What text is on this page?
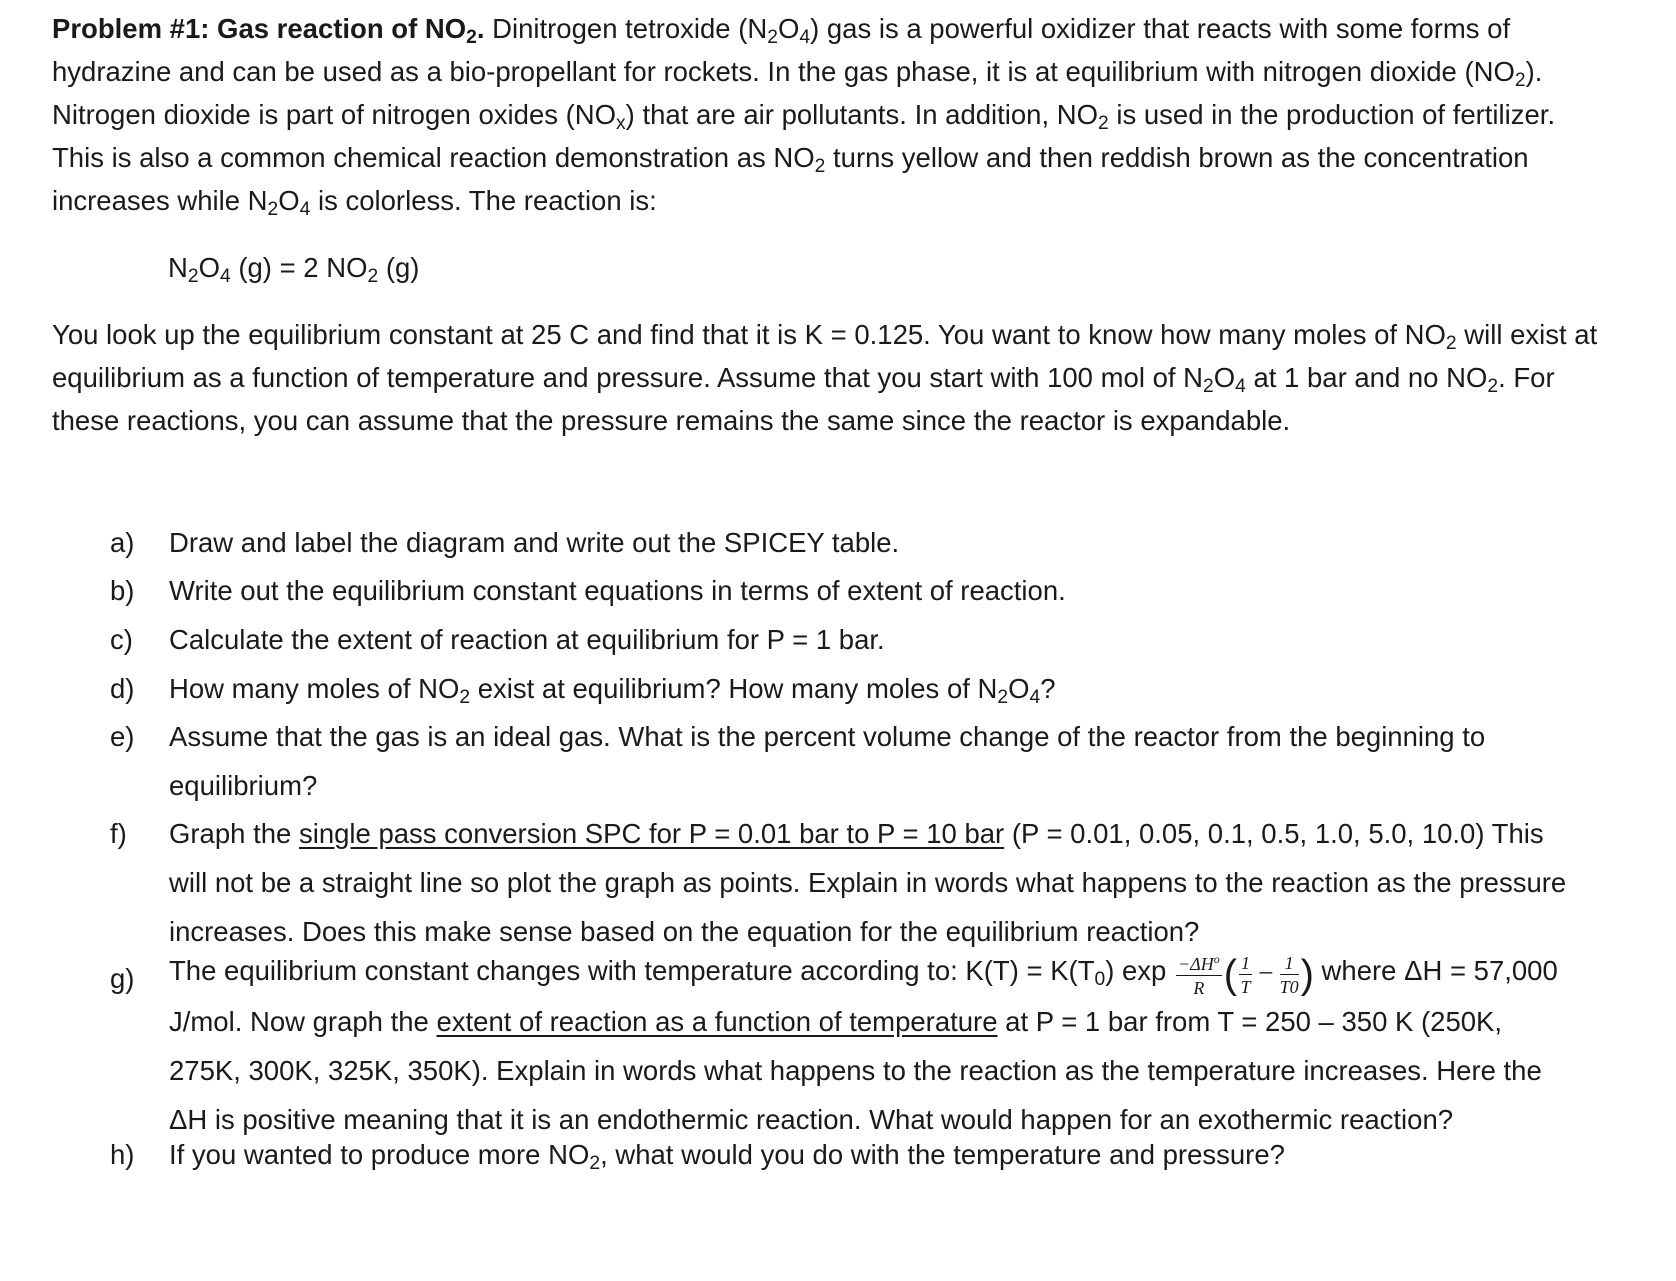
Problem #1: Gas reaction of $NO_2$. Dinitrogen tetroxide $(N_2O_4)$ gas is a powerful oxidizer that reacts with some forms of hydrazine and can be used as a bio-propellant for rockets. In the gas phase, it is at equilibrium with nitrogen dioxide $(NO_2)$. Nitrogen dioxide is part of nitrogen oxides $(NO_x)$ that are air pollutants. In addition, $NO_2$ is used in the production of fertilizer. This is also a common chemical reaction demonstration as $NO_2$ turns yellow and then reddish brown as the concentration increases while $N_2O_4$ is colorless. The reaction is:

$N_2O_4$ (g) = 2 $NO_2$ (g)

You look up the equilibrium constant at 25 C and find that it is K = 0.125. You want to know how many moles of $NO_2$ will exist at equilibrium as a function of temperature and pressure. Assume that you start with 100 mol of $N_2O_4$ at 1 bar and no $NO_2$. For these reactions, you can assume that the pressure remains the same since the reactor is expandable.

a) Draw and label the diagram and write out the SPICEY table.

b) Write out the equilibrium constant equations in terms of extent of reaction.

c) Calculate the extent of reaction at equilibrium for P = 1 bar.

d) How many moles of $NO_2$ exist at equilibrium? How many moles of $N_2O_4$?

e) Assume that the gas is an ideal gas. What is the percent volume change of the reactor from the beginning to equilibrium?

f) Graph the single pass conversion SPC for P = 0.01 bar to P = 10 bar (P = 0.01, 0.05, 0.1, 0.5, 1.0, 5.0, 10.0) This will not be a straight line so plot the graph as points. Explain in words what happens to the reaction as the pressure increases. Does this make sense based on the equation for the equilibrium reaction?

g) The equilibrium constant changes with temperature according to: $K(T) = K(T_0)$ $\exp \frac{-\Delta H^o}{R}$ ( $\frac{1}{T} - \frac{1}{T0}$ ) where ΔH = 57,000 J/mol. Now graph the extent of reaction as a function of temperature at P = 1 bar from T = 250 – 350 K (250K, 275K, 300K, 325K, 350K). Explain in words what happens to the reaction as the temperature increases. Here the ΔH is positive meaning that it is an endothermic reaction. What would happen for an exothermic reaction?

h) If you wanted to produce more $NO_2$, what would you do with the temperature and pressure?
